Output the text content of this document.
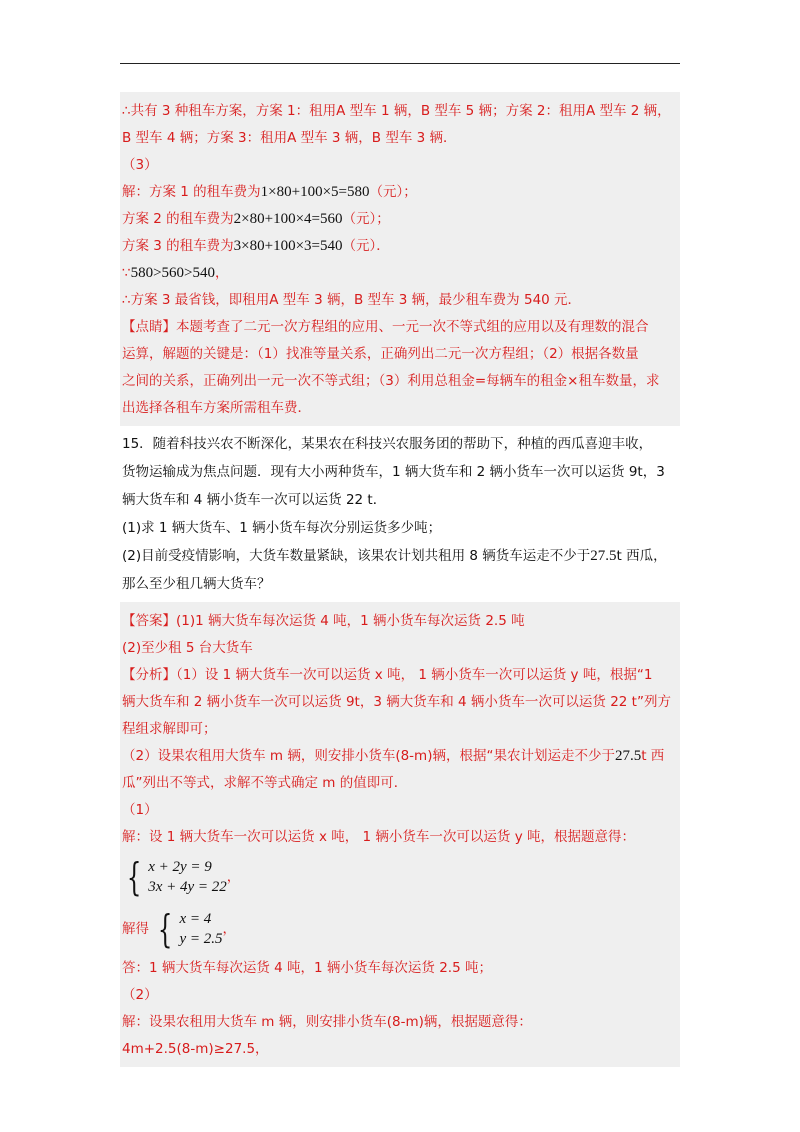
∴共有 3 种租车方案，方案 1：租用A 型车 1 辆，B 型车 5 辆；方案 2：租用A 型车 2 辆，
B 型车 4 辆；方案 3：租用A 型车 3 辆，B 型车 3 辆．
（3）
解：方案 1 的租车费为1×80+100×5=580（元）；
方案 2 的租车费为2×80+100×4=560（元）；
方案 3 的租车费为3×80+100×3=540（元）．
∵580>560>540，
∴方案 3 最省钱，即租用A 型车 3 辆，B 型车 3 辆，最少租车费为 540 元．
【点睛】本题考查了二元一次方程组的应用、一元一次不等式组的应用以及有理数的混合
运算，解题的关键是：（1）找准等量关系，正确列出二元一次方程组；（2）根据各数量
之间的关系，正确列出一元一次不等式组；（3）利用总租金=每辆车的租金×租车数量，求
出选择各租车方案所需租车费．
15．随着科技兴农不断深化，某果农在科技兴农服务团的帮助下，种植的西瓜喜迎丰收，
货物运输成为焦点问题．现有大小两种货车，1 辆大货车和 2 辆小货车一次可以运货 9t，3
辆大货车和 4 辆小货车一次可以运货 22 t．
(1)求 1 辆大货车、1 辆小货车每次分别运货多少吨；
(2)目前受疫情影响，大货车数量紧缺，该果农计划共租用 8 辆货车运走不少于27.5t 西瓜，
那么至少租几辆大货车？
【答案】(1)1 辆大货车每次运货 4 吨，1 辆小货车每次运货 2.5 吨
(2)至少租 5 台大货车
【分析】（1）设 1 辆大货车一次可以运货 x 吨， 1 辆小货车一次可以运货 y 吨，根据“1
辆大货车和 2 辆小货车一次可以运货 9t，3 辆大货车和 4 辆小货车一次可以运货 22 t”列方
程组求解即可；
（2）设果农租用大货车 m 辆，则安排小货车(8-m)辆，根据“果农计划运走不少于27.5t 西
瓜”列出不等式，求解不等式确定 m 的值即可．
（1）
解：设 1 辆大货车一次可以运货 x 吨， 1 辆小货车一次可以运货 y 吨，根据题意得：
{ x + 2y = 9
3x + 4y = 22
，
解得 { x = 4
y = 2.5
，
答：1 辆大货车每次运货 4 吨，1 辆小货车每次运货 2.5 吨；
（2）
解：设果农租用大货车 m 辆，则安排小货车(8-m)辆，根据题意得：
4m+2.5(8-m)≥27.5，
